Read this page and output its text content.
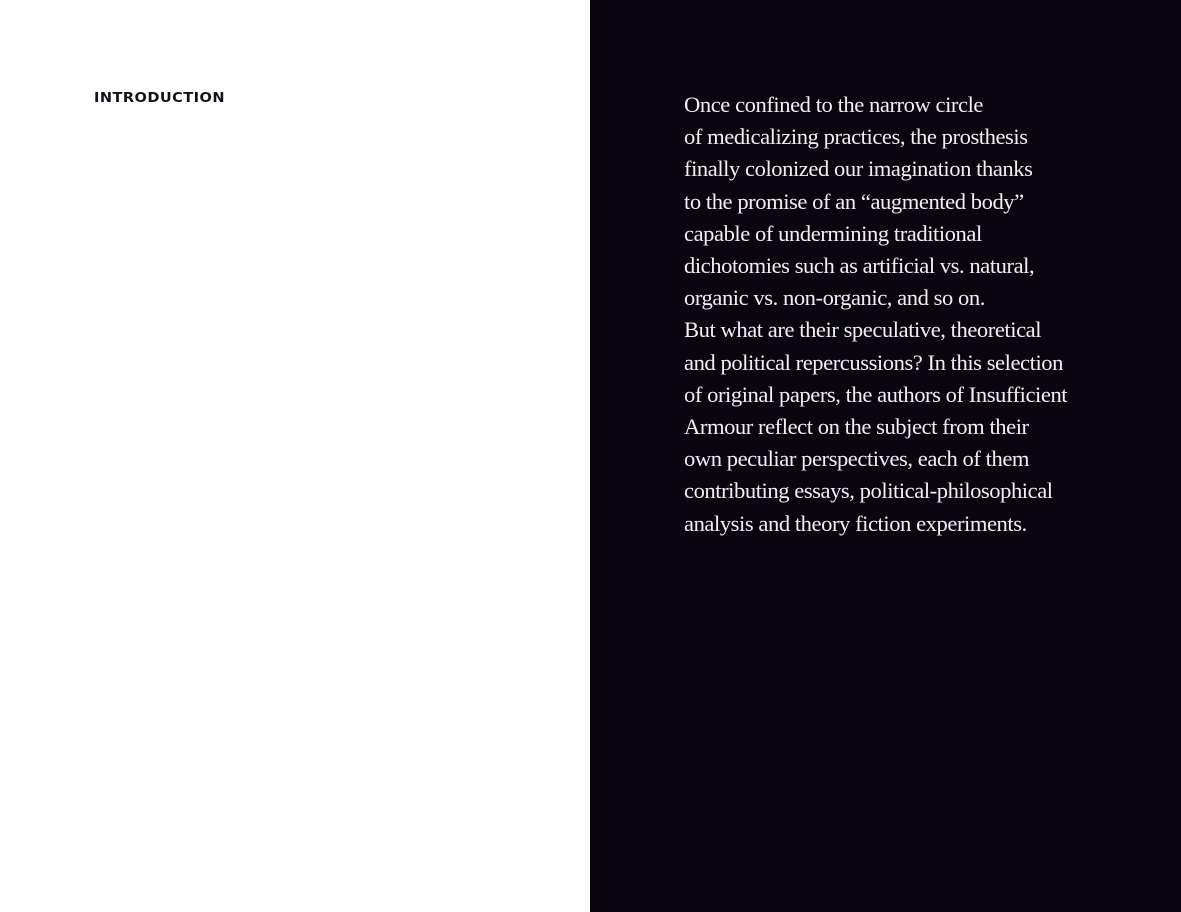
INTRODUCTION	Once confined to the narrow circle
of medicalizing practices, the prosthesis
finally colonized our imagination thanks
to the promise of an “augmented body”
capable of undermining traditional
dichotomies such as artificial vs. natural,
organic vs. non-organic, and so on.
But what are their speculative, theoretical
and political repercussions? In this selection
of original papers, the authors of Insufficient
Armour reflect on the subject from their
own peculiar perspectives, each of them
contributing essays, political-philosophical
analysis and theory fiction experiments.
